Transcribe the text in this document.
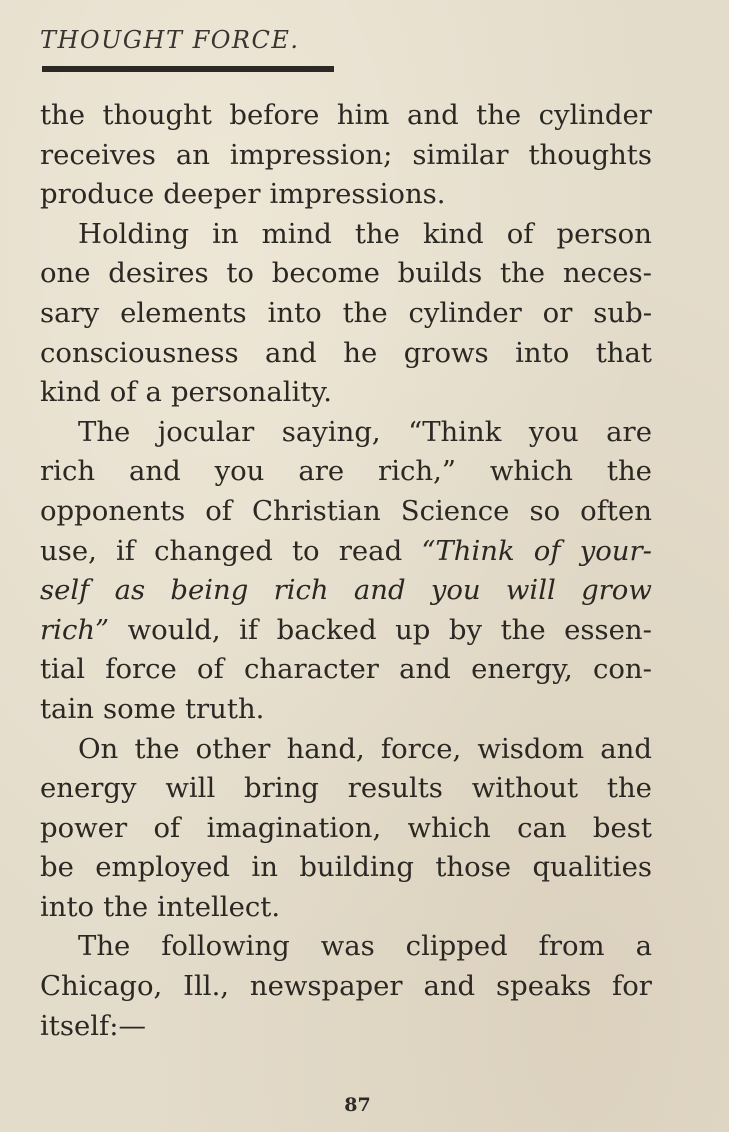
THOUGHT FORCE.
the thought before him and the cylinder
receives an impression; similar thoughts
produce deeper impressions.
Holding in mind the kind of person
one desires to become builds the neces-
sary elements into the cylinder or sub-
consciousness and he grows into that
kind of a personality.
The jocular saying, “Think you are
rich and you are rich,” which the
opponents of Christian Science so often
use, if changed to read “Think of your-
self as being rich and you will grow
rich” would, if backed up by the essen-
tial force of character and energy, con-
tain some truth.
On the other hand, force, wisdom and
energy will bring results without the
power of imagination, which can best
be employed in building those qualities
into the intellect.
The following was clipped from a
Chicago, Ill., newspaper and speaks for
itself:—
87
